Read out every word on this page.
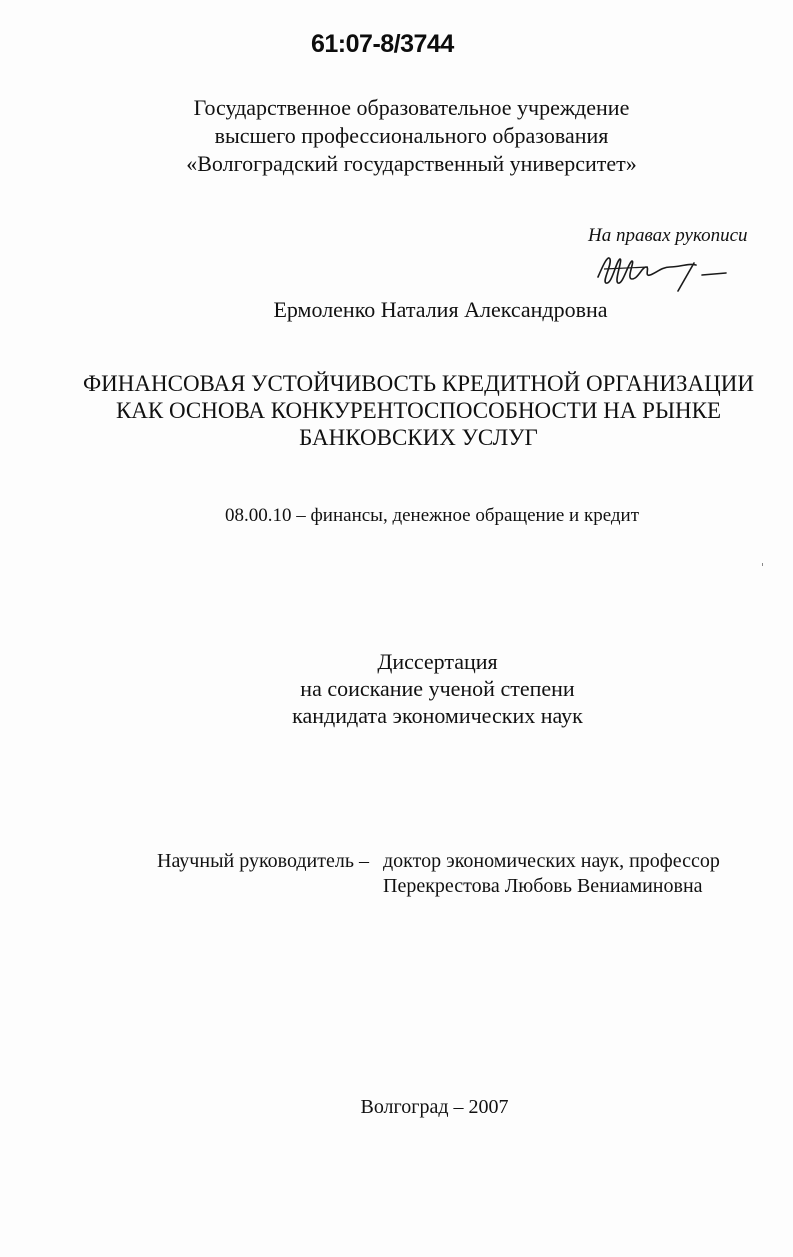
61:07-8/3744
Государственное образовательное учреждение
высшего профессионального образования
«Волгоградский государственный университет»
На правах рукописи
Ермоленко Наталия Александровна
ФИНАНСОВАЯ УСТОЙЧИВОСТЬ КРЕДИТНОЙ ОРГАНИЗАЦИИ
КАК ОСНОВА КОНКУРЕНТОСПОСОБНОСТИ НА РЫНКЕ
БАНКОВСКИХ УСЛУГ
08.00.10 – финансы, денежное обращение и кредит
Диссертация
на соискание ученой степени
кандидата экономических наук
Научный руководитель – доктор экономических наук, профессор
Перекрестова Любовь Вениаминовна
Волгоград – 2007
